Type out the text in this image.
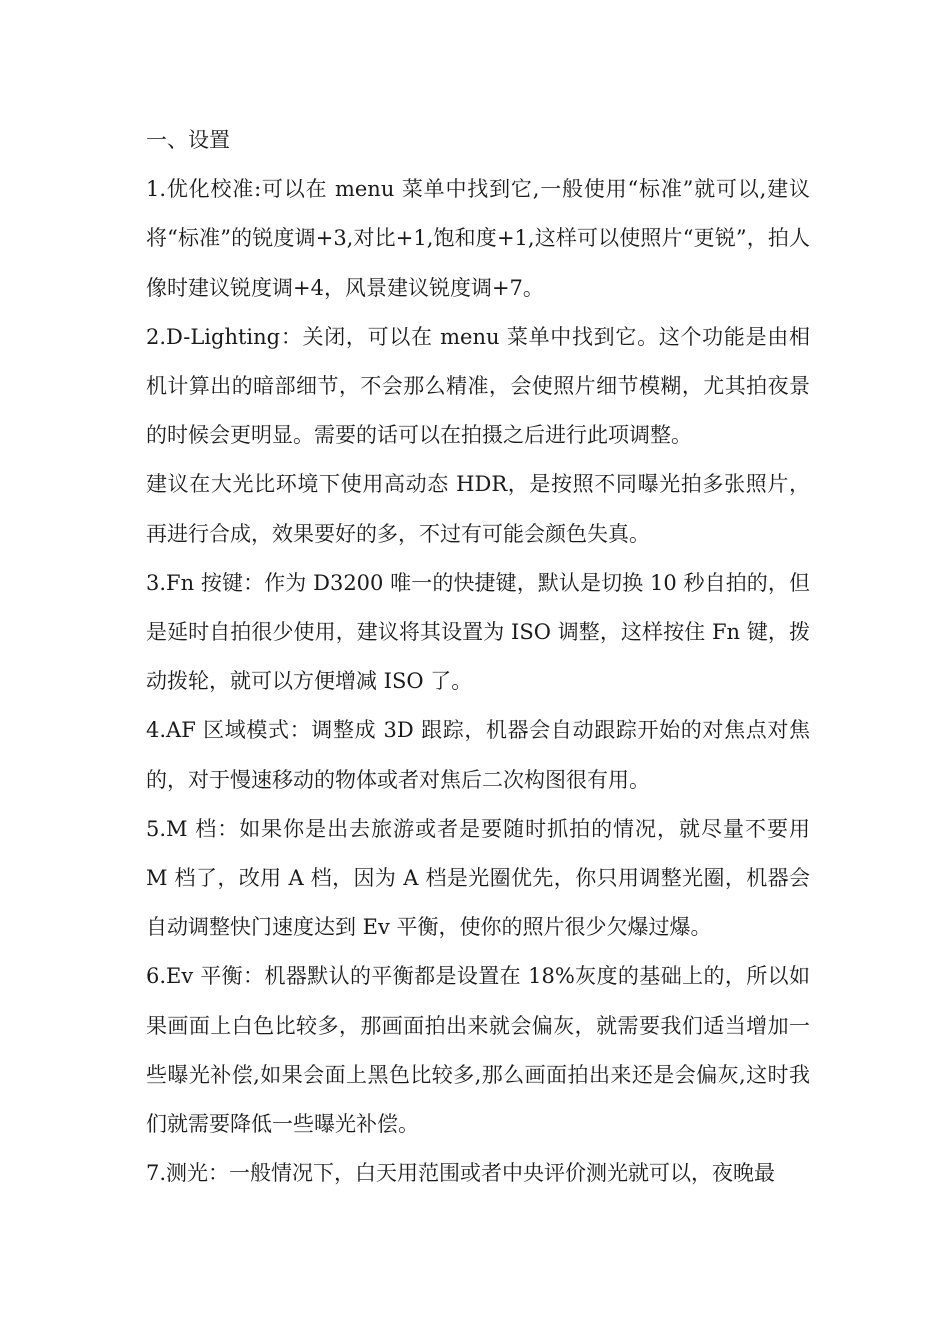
一、设置

1.优化校准:可以在 menu 菜单中找到它,一般使用“标准”就可以,建议将“标准”的锐度调+3,对比+1,饱和度+1,这样可以使照片“更锐”，拍人像时建议锐度调+4，风景建议锐度调+7。

2.D-Lighting：关闭，可以在 menu 菜单中找到它。这个功能是由相机计算出的暗部细节，不会那么精准，会使照片细节模糊，尤其拍夜景的时候会更明显。需要的话可以在拍摄之后进行此项调整。

建议在大光比环境下使用高动态 HDR，是按照不同曝光拍多张照片，再进行合成，效果要好的多，不过有可能会颜色失真。

3.Fn 按键：作为 D3200 唯一的快捷键，默认是切换 10 秒自拍的，但是延时自拍很少使用，建议将其设置为 ISO 调整，这样按住 Fn 键，拨动拨轮，就可以方便增减 ISO 了。

4.AF 区域模式：调整成 3D 跟踪，机器会自动跟踪开始的对焦点对焦的，对于慢速移动的物体或者对焦后二次构图很有用。

5.M 档：如果你是出去旅游或者是要随时抓拍的情况，就尽量不要用 M 档了，改用 A 档，因为 A 档是光圈优先，你只用调整光圈，机器会自动调整快门速度达到 Ev 平衡，使你的照片很少欠爆过爆。

6.Ev 平衡：机器默认的平衡都是设置在 18%灰度的基础上的，所以如果画面上白色比较多，那画面拍出来就会偏灰，就需要我们适当增加一些曝光补偿,如果会面上黑色比较多,那么画面拍出来还是会偏灰,这时我们就需要降低一些曝光补偿。

7.测光：一般情况下，白天用范围或者中央评价测光就可以，夜晚最
